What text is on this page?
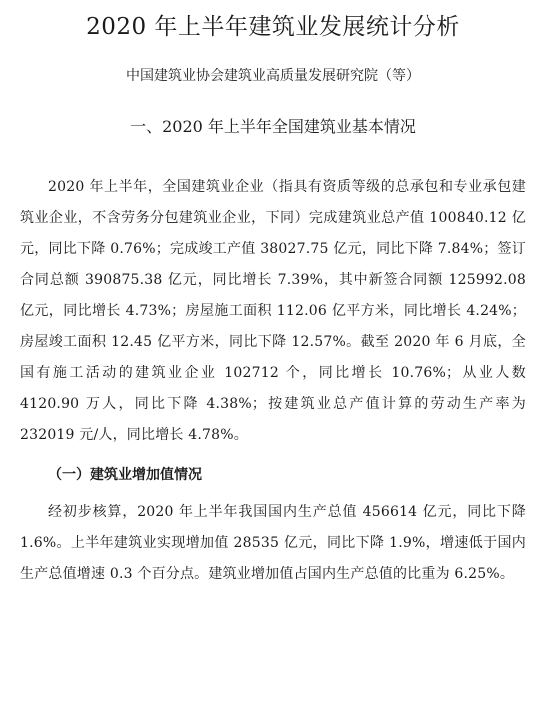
2020 年上半年建筑业发展统计分析
中国建筑业协会建筑业高质量发展研究院（等）
一、2020 年上半年全国建筑业基本情况

2020 年上半年，全国建筑业企业（指具有资质等级的总承包和专业承包建筑业企业，不含劳务分包建筑业企业，下同）完成建筑业总产值 100840.12 亿元，同比下降 0.76%；完成竣工产值 38027.75 亿元，同比下降 7.84%；签订合同总额 390875.38 亿元，同比增长 7.39%，其中新签合同额 125992.08 亿元，同比增长 4.73%；房屋施工面积 112.06 亿平方米，同比增长 4.24%；房屋竣工面积 12.45 亿平方米，同比下降 12.57%。截至 2020 年 6 月底，全国有施工活动的建筑业企业 102712 个，同比增长 10.76%；从业人数 4120.90 万人，同比下降 4.38%；按建筑业总产值计算的劳动生产率为 232019 元/人，同比增长 4.78%。

（一）建筑业增加值情况

经初步核算，2020 年上半年我国国内生产总值 456614 亿元，同比下降 1.6%。上半年建筑业实现增加值 28535 亿元，同比下降 1.9%，增速低于国内生产总值增速 0.3 个百分点。建筑业增加值占国内生产总值的比重为 6.25%。
